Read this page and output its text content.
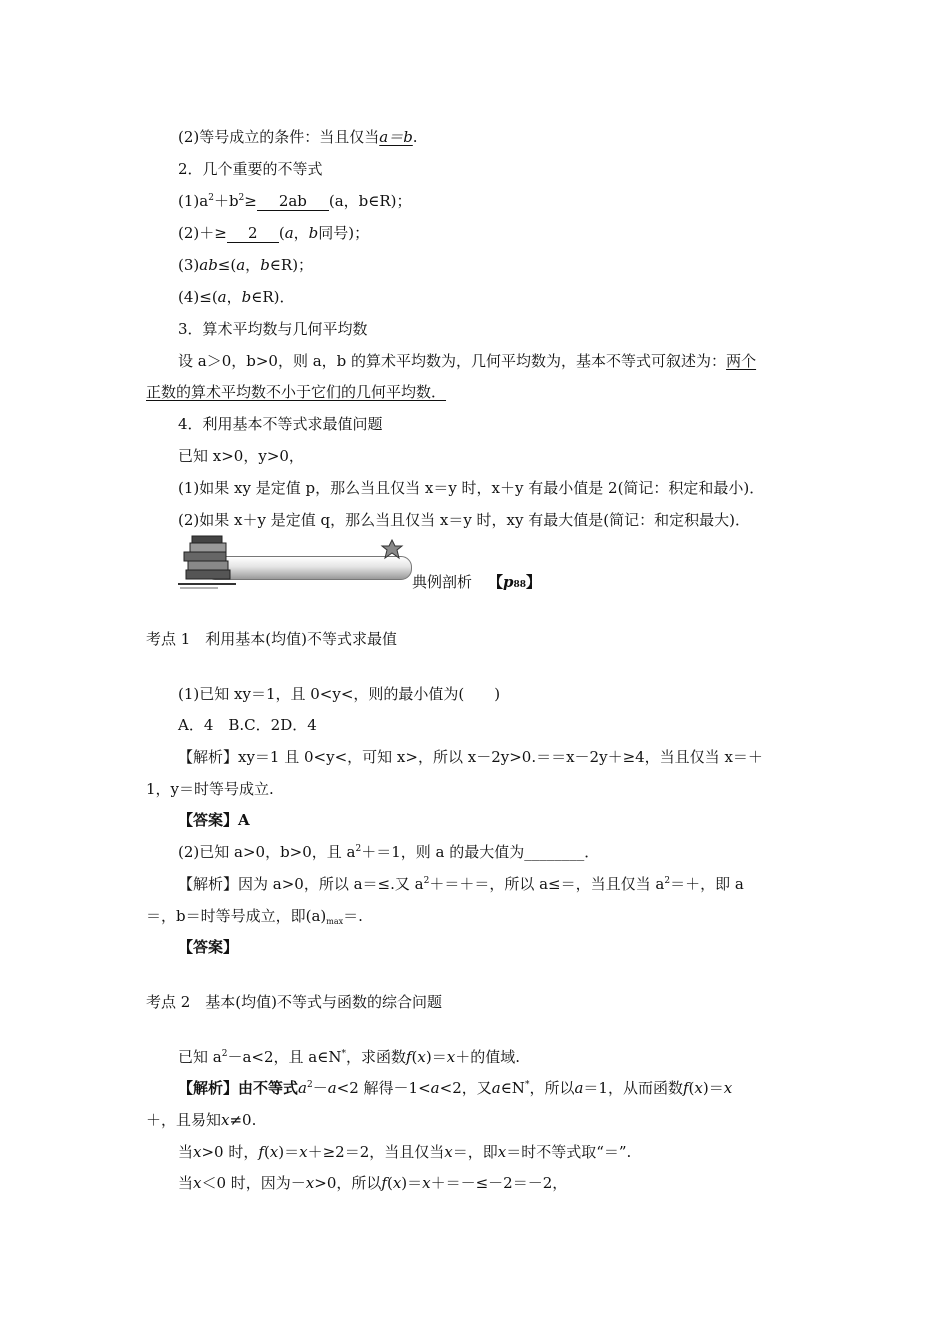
(2)等号成立的条件：当且仅当a＝b.
2．几个重要的不等式
$(1)a^2+b^2\ge 2ab$ (a，b∈R)；
(2)＋≥ 2 (a，b同号)；
(3)ab≤(a，b∈R)；
(4)≤(a，b∈R)．
3．算术平均数与几何平均数
设 a＞0，b>0，则 a，b 的算术平均数为，几何平均数为，基本不等式可叙述为：两个
正数的算术平均数不小于它们的几何平均数．
4．利用基本不等式求最值问题
已知 x>0，y>0，
(1)如果 xy 是定值 p，那么当且仅当 x＝y 时，x＋y 有最小值是 2(简记：积定和最小)．
(2)如果 x＋y 是定值 q，那么当且仅当 x＝y 时，xy 有最大值是(简记：和定积最大)．
典例剖析 【p88】
考点 1　利用基本(均值)不等式求最值
(1)已知 xy＝1，且 0<y<，则的最小值为(　　)
A．4　B.C．2D．4
【解析】xy＝1 且 0<y<，可知 x>，所以 x－2y>0.＝＝x－2y＋≥4，当且仅当 x＝＋
1，y＝时等号成立.
【答案】A
(2)已知 a>0，b>0，且 $a^2+=1$，则 a 的最大值为________．
【解析】因为 a>0，所以 a＝≤.又 $a^2+=+=$，所以 a≤＝，当且仅当 $a^2=+$，即 a
＝，b＝时等号成立，即$(a)_{max}=$.
【答案】
考点 2　基本(均值)不等式与函数的综合问题
已知 $a^2-a<2$，且 a∈N*，求函数f(x)＝x＋的值域.
【解析】由不等式$a^2-a<2$ 解得－1<a<2，又a∈N*，所以a＝1，从而函数f(x)＝x
＋，且易知x≠0.
当x>0 时，f(x)＝x＋≥2＝2，当且仅当x＝，即x＝时不等式取“＝”.
当x＜0 时，因为－x>0，所以f(x)＝x＋＝－≤－2＝－2，
